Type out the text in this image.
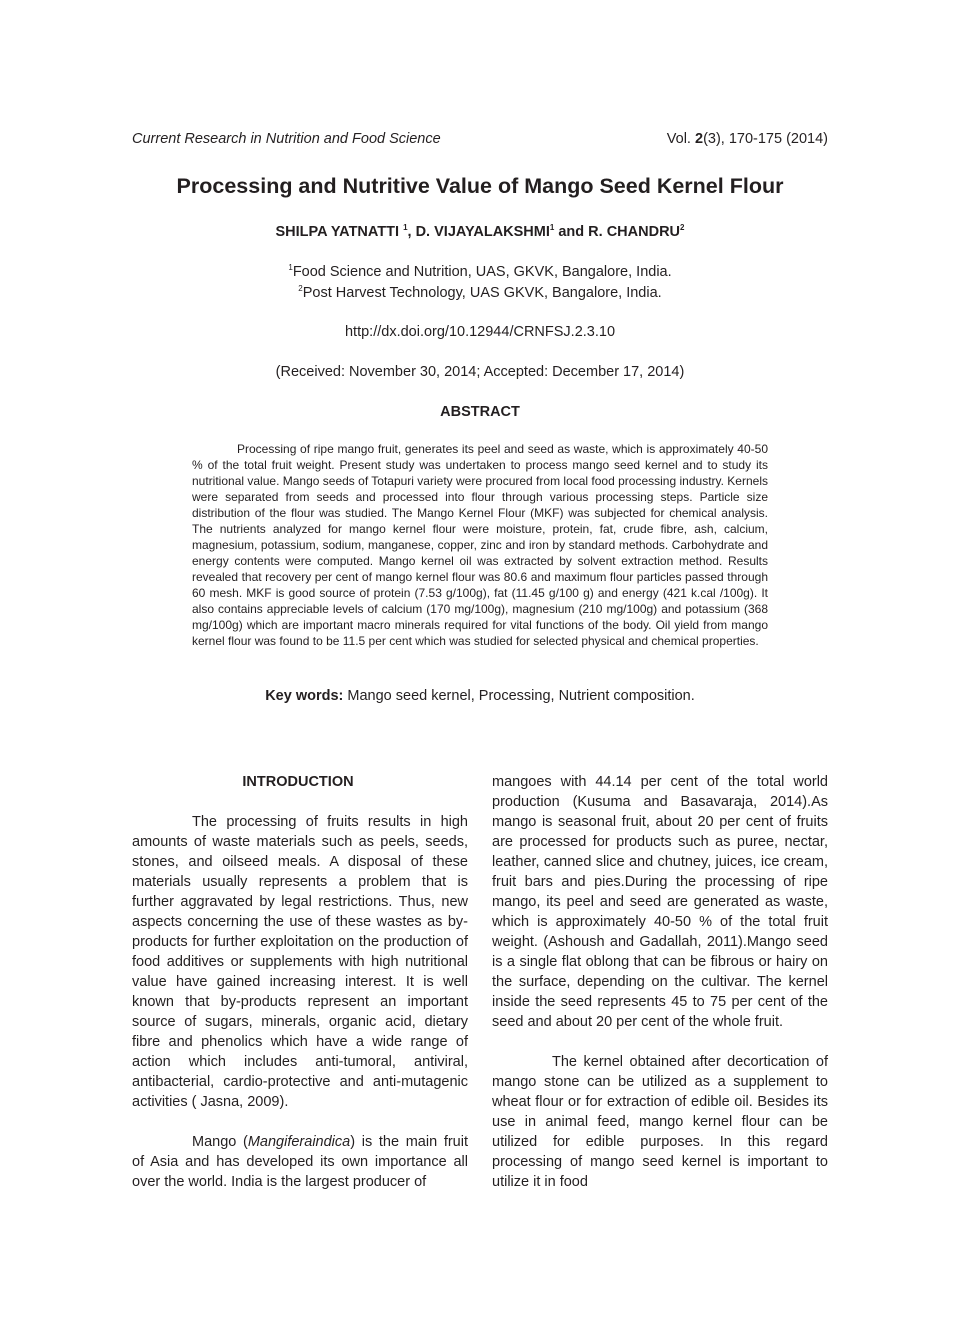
Current Research in Nutrition and Food Science	Vol. 2(3), 170-175 (2014)
Processing and Nutritive Value of Mango Seed Kernel Flour
SHILPA YATNATTI $^1$, D. VIJAYALAKSHMI$^1$ and R. CHANDRU$^2$
$^1$Food Science and Nutrition, UAS, GKVK, Bangalore, India.
$^2$Post Harvest Technology, UAS GKVK, Bangalore, India.
http://dx.doi.org/10.12944/CRNFSJ.2.3.10
(Received: November 30, 2014; Accepted: December 17, 2014)
ABSTRACT

Processing of ripe mango fruit, generates its peel and seed as waste, which is approximately 40-50 % of the total fruit weight. Present study was undertaken to process mango seed kernel and to study its nutritional value. Mango seeds of Totapuri variety were procured from local food processing industry. Kernels were separated from seeds and processed into flour through various processing steps. Particle size distribution of the flour was studied. The Mango Kernel Flour (MKF) was subjected for chemical analysis. The nutrients analyzed for mango kernel flour were moisture, protein, fat, crude fibre, ash, calcium, magnesium, potassium, sodium, manganese, copper, zinc and iron by standard methods. Carbohydrate and energy contents were computed. Mango kernel oil was extracted by solvent extraction method. Results revealed that recovery per cent of mango kernel flour was 80.6 and maximum flour particles passed through 60 mesh. MKF is good source of protein (7.53 g/100g), fat (11.45 g/100 g) and energy (421 k.cal /100g). It also contains appreciable levels of calcium (170 mg/100g), magnesium (210 mg/100g) and potassium (368 mg/100g) which are important macro minerals required for vital functions of the body. Oil yield from mango kernel flour was found to be 11.5 per cent which was studied for selected physical and chemical properties.

Key words: Mango seed kernel, Processing, Nutrient composition.
INTRODUCTION

The processing of fruits results in high amounts of waste materials such as peels, seeds, stones, and oilseed meals. A disposal of these materials usually represents a problem that is further aggravated by legal restrictions. Thus, new aspects concerning the use of these wastes as by-products for further exploitation on the production of food additives or supplements with high nutritional value have gained increasing interest. It is well known that by-products represent an important source of sugars, minerals, organic acid, dietary fibre and phenolics which have a wide range of action which includes anti-tumoral, antiviral, antibacterial, cardio-protective and anti-mutagenic activities ( Jasna, 2009).

Mango (Mangiferaindica) is the main fruit of Asia and has developed its own importance all over the world. India is the largest producer of

mangoes with 44.14 per cent of the total world production (Kusuma and Basavaraja, 2014).As mango is seasonal fruit, about 20 per cent of fruits are processed for products such as puree, nectar, leather, canned slice and chutney, juices, ice cream, fruit bars and pies.During the processing of ripe mango, its peel and seed are generated as waste, which is approximately 40-50 % of the total fruit weight. (Ashoush and Gadallah, 2011).Mango seed is a single flat oblong that can be fibrous or hairy on the surface, depending on the cultivar. The kernel inside the seed represents 45 to 75 per cent of the seed and about 20 per cent of the whole fruit.

The kernel obtained after decortication of mango stone can be utilized as a supplement to wheat flour or for extraction of edible oil. Besides its use in animal feed, mango kernel flour can be utilized for edible purposes. In this regard processing of mango seed kernel is important to utilize it in food
